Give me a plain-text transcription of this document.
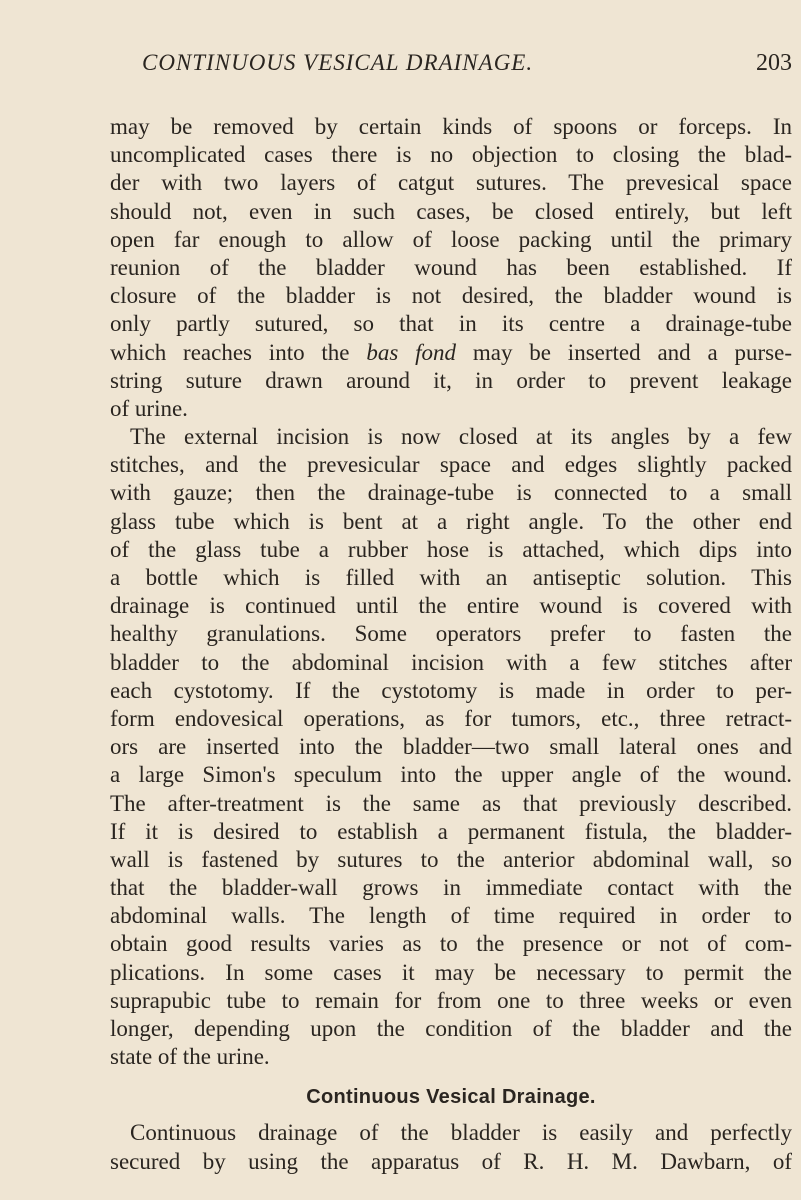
CONTINUOUS VESICAL DRAINAGE.	203
may be removed by certain kinds of spoons or forceps. In
uncomplicated cases there is no objection to closing the blad-
der with two layers of catgut sutures. The prevesical space
should not, even in such cases, be closed entirely, but left
open far enough to allow of loose packing until the primary
reunion of the bladder wound has been established. If
closure of the bladder is not desired, the bladder wound is
only partly sutured, so that in its centre a drainage-tube
which reaches into the bas fond may be inserted and a purse-
string suture drawn around it, in order to prevent leakage
of urine.
The external incision is now closed at its angles by a few
stitches, and the prevesicular space and edges slightly packed
with gauze; then the drainage-tube is connected to a small
glass tube which is bent at a right angle. To the other end
of the glass tube a rubber hose is attached, which dips into
a bottle which is filled with an antiseptic solution. This
drainage is continued until the entire wound is covered with
healthy granulations. Some operators prefer to fasten the
bladder to the abdominal incision with a few stitches after
each cystotomy. If the cystotomy is made in order to per-
form endovesical operations, as for tumors, etc., three retract-
ors are inserted into the bladder—two small lateral ones and
a large Simon's speculum into the upper angle of the wound.
The after-treatment is the same as that previously described.
If it is desired to establish a permanent fistula, the bladder-
wall is fastened by sutures to the anterior abdominal wall, so
that the bladder-wall grows in immediate contact with the
abdominal walls. The length of time required in order to
obtain good results varies as to the presence or not of com-
plications. In some cases it may be necessary to permit the
suprapubic tube to remain for from one to three weeks or even
longer, depending upon the condition of the bladder and the
state of the urine.
Continuous Vesical Drainage.
Continuous drainage of the bladder is easily and perfectly
secured by using the apparatus of R. H. M. Dawbarn, of
